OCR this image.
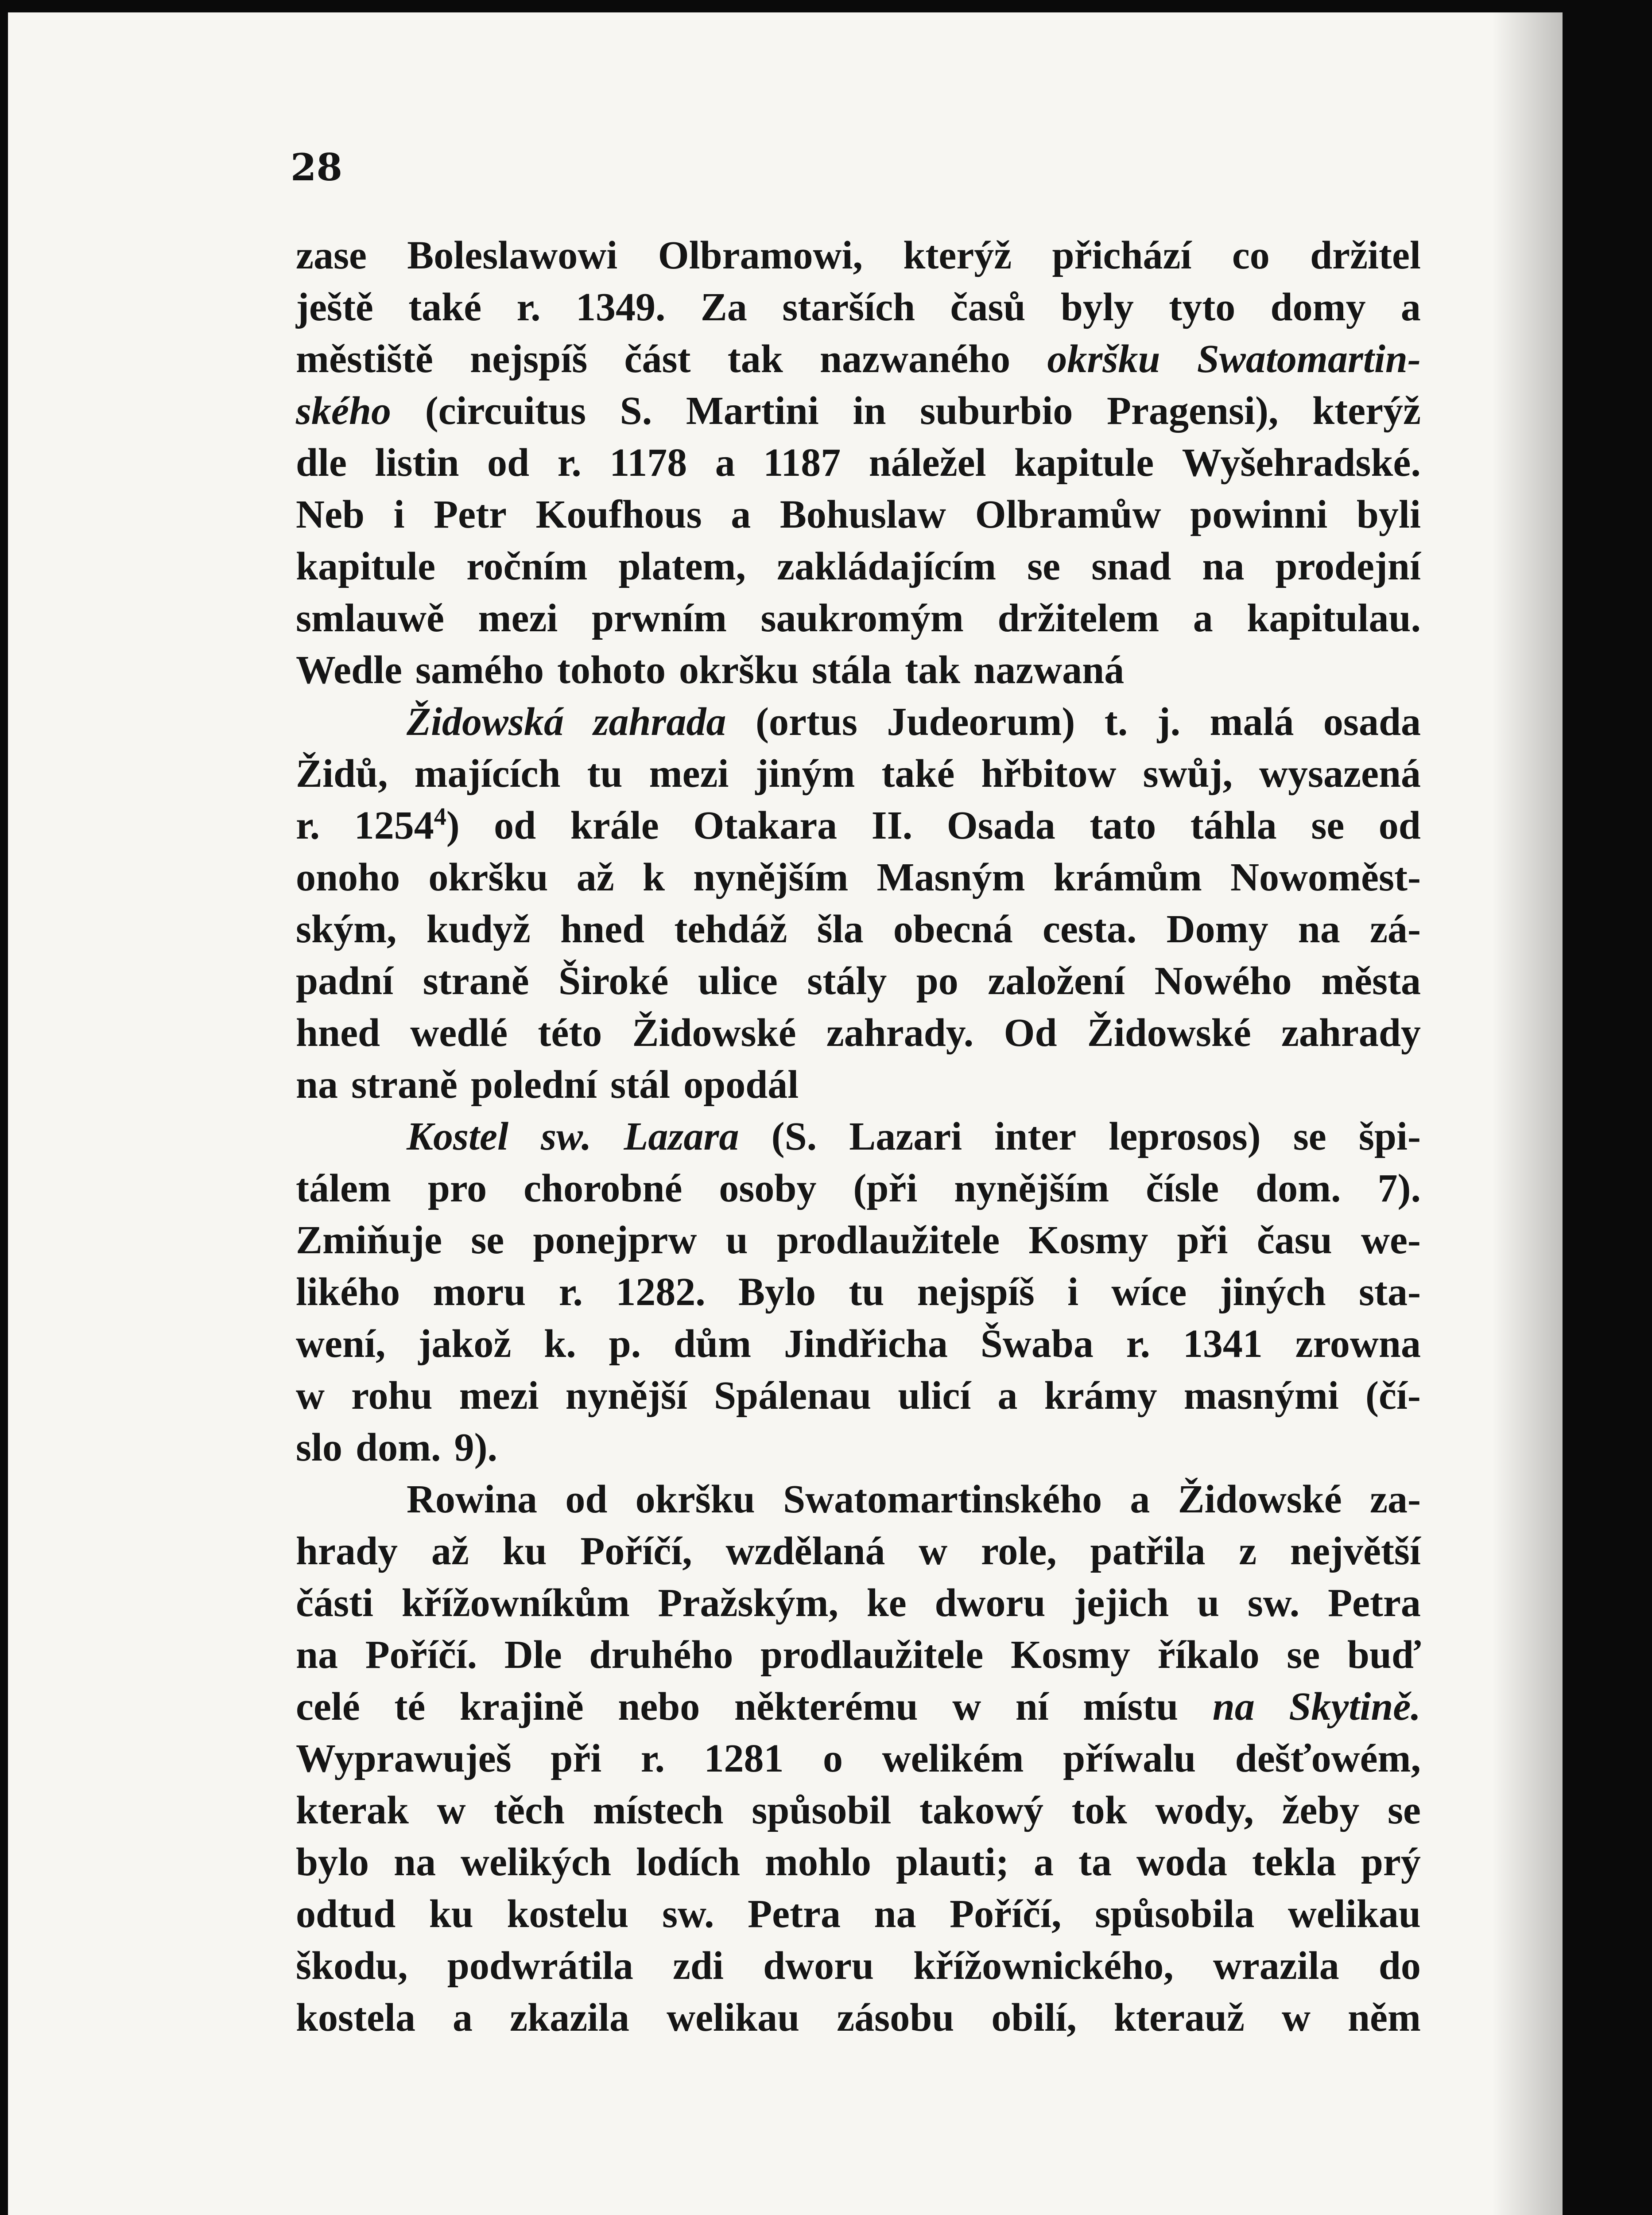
28
zase Boleslawowi Olbramowi, kterýž přichází co držitel
ještě také r. 1349. Za starších časů byly tyto domy a
městiště nejspíš část tak nazwaného okršku Swatomartin-
ského (circuitus S. Martini in suburbio Pragensi), kterýž
dle listin od r. 1178 a 1187 náležel kapitule Wyšehradské.
Neb i Petr Koufhous a Bohuslaw Olbramůw powinni byli
kapitule ročním platem, zakládajícím se snad na prodejní
smlauwě mezi prwním saukromým držitelem a kapitulau.
Wedle samého tohoto okršku stála tak nazwaná
Židowská zahrada (ortus Judeorum) t. j. malá osada
Židů, majících tu mezi jiným také hřbitow swůj, wysazená
r. 1254$^4$) od krále Otakara II. Osada tato táhla se od
onoho okršku až k nynějším Masným krámům Nowoměst-
ským, kudyž hned tehdáž šla obecná cesta. Domy na zá-
padní straně Široké ulice stály po založení Nowého města
hned wedlé této Židowské zahrady. Od Židowské zahrady
na straně polední stál opodál
Kostel sw. Lazara (S. Lazari inter leprosos) se špi-
tálem pro chorobné osoby (při nynějším čísle dom. 7).
Zmiňuje se ponejprw u prodlaužitele Kosmy při času we-
likého moru r. 1282. Bylo tu nejspíš i wíce jiných sta-
wení, jakož k. p. dům Jindřicha Šwaba r. 1341 zrowna
w rohu mezi nynější Spálenau ulicí a krámy masnými (čí-
slo dom. 9).
Rowina od okršku Swatomartinského a Židowské za-
hrady až ku Poříčí, wzdělaná w role, patřila z největší
části křížowníkům Pražským, ke dworu jejich u sw. Petra
na Poříčí. Dle druhého prodlaužitele Kosmy říkalo se buď
celé té krajině nebo některému w ní místu na Skytině.
Wyprawuješ při r. 1281 o welikém příwalu dešťowém,
kterak w těch místech spůsobil takowý tok wody, žeby se
bylo na welikých lodích mohlo plauti; a ta woda tekla prý
odtud ku kostelu sw. Petra na Poříčí, spůsobila welikau
škodu, podwrátila zdi dworu křížownického, wrazila do
kostela a zkazila welikau zásobu obilí, kterauž w něm
